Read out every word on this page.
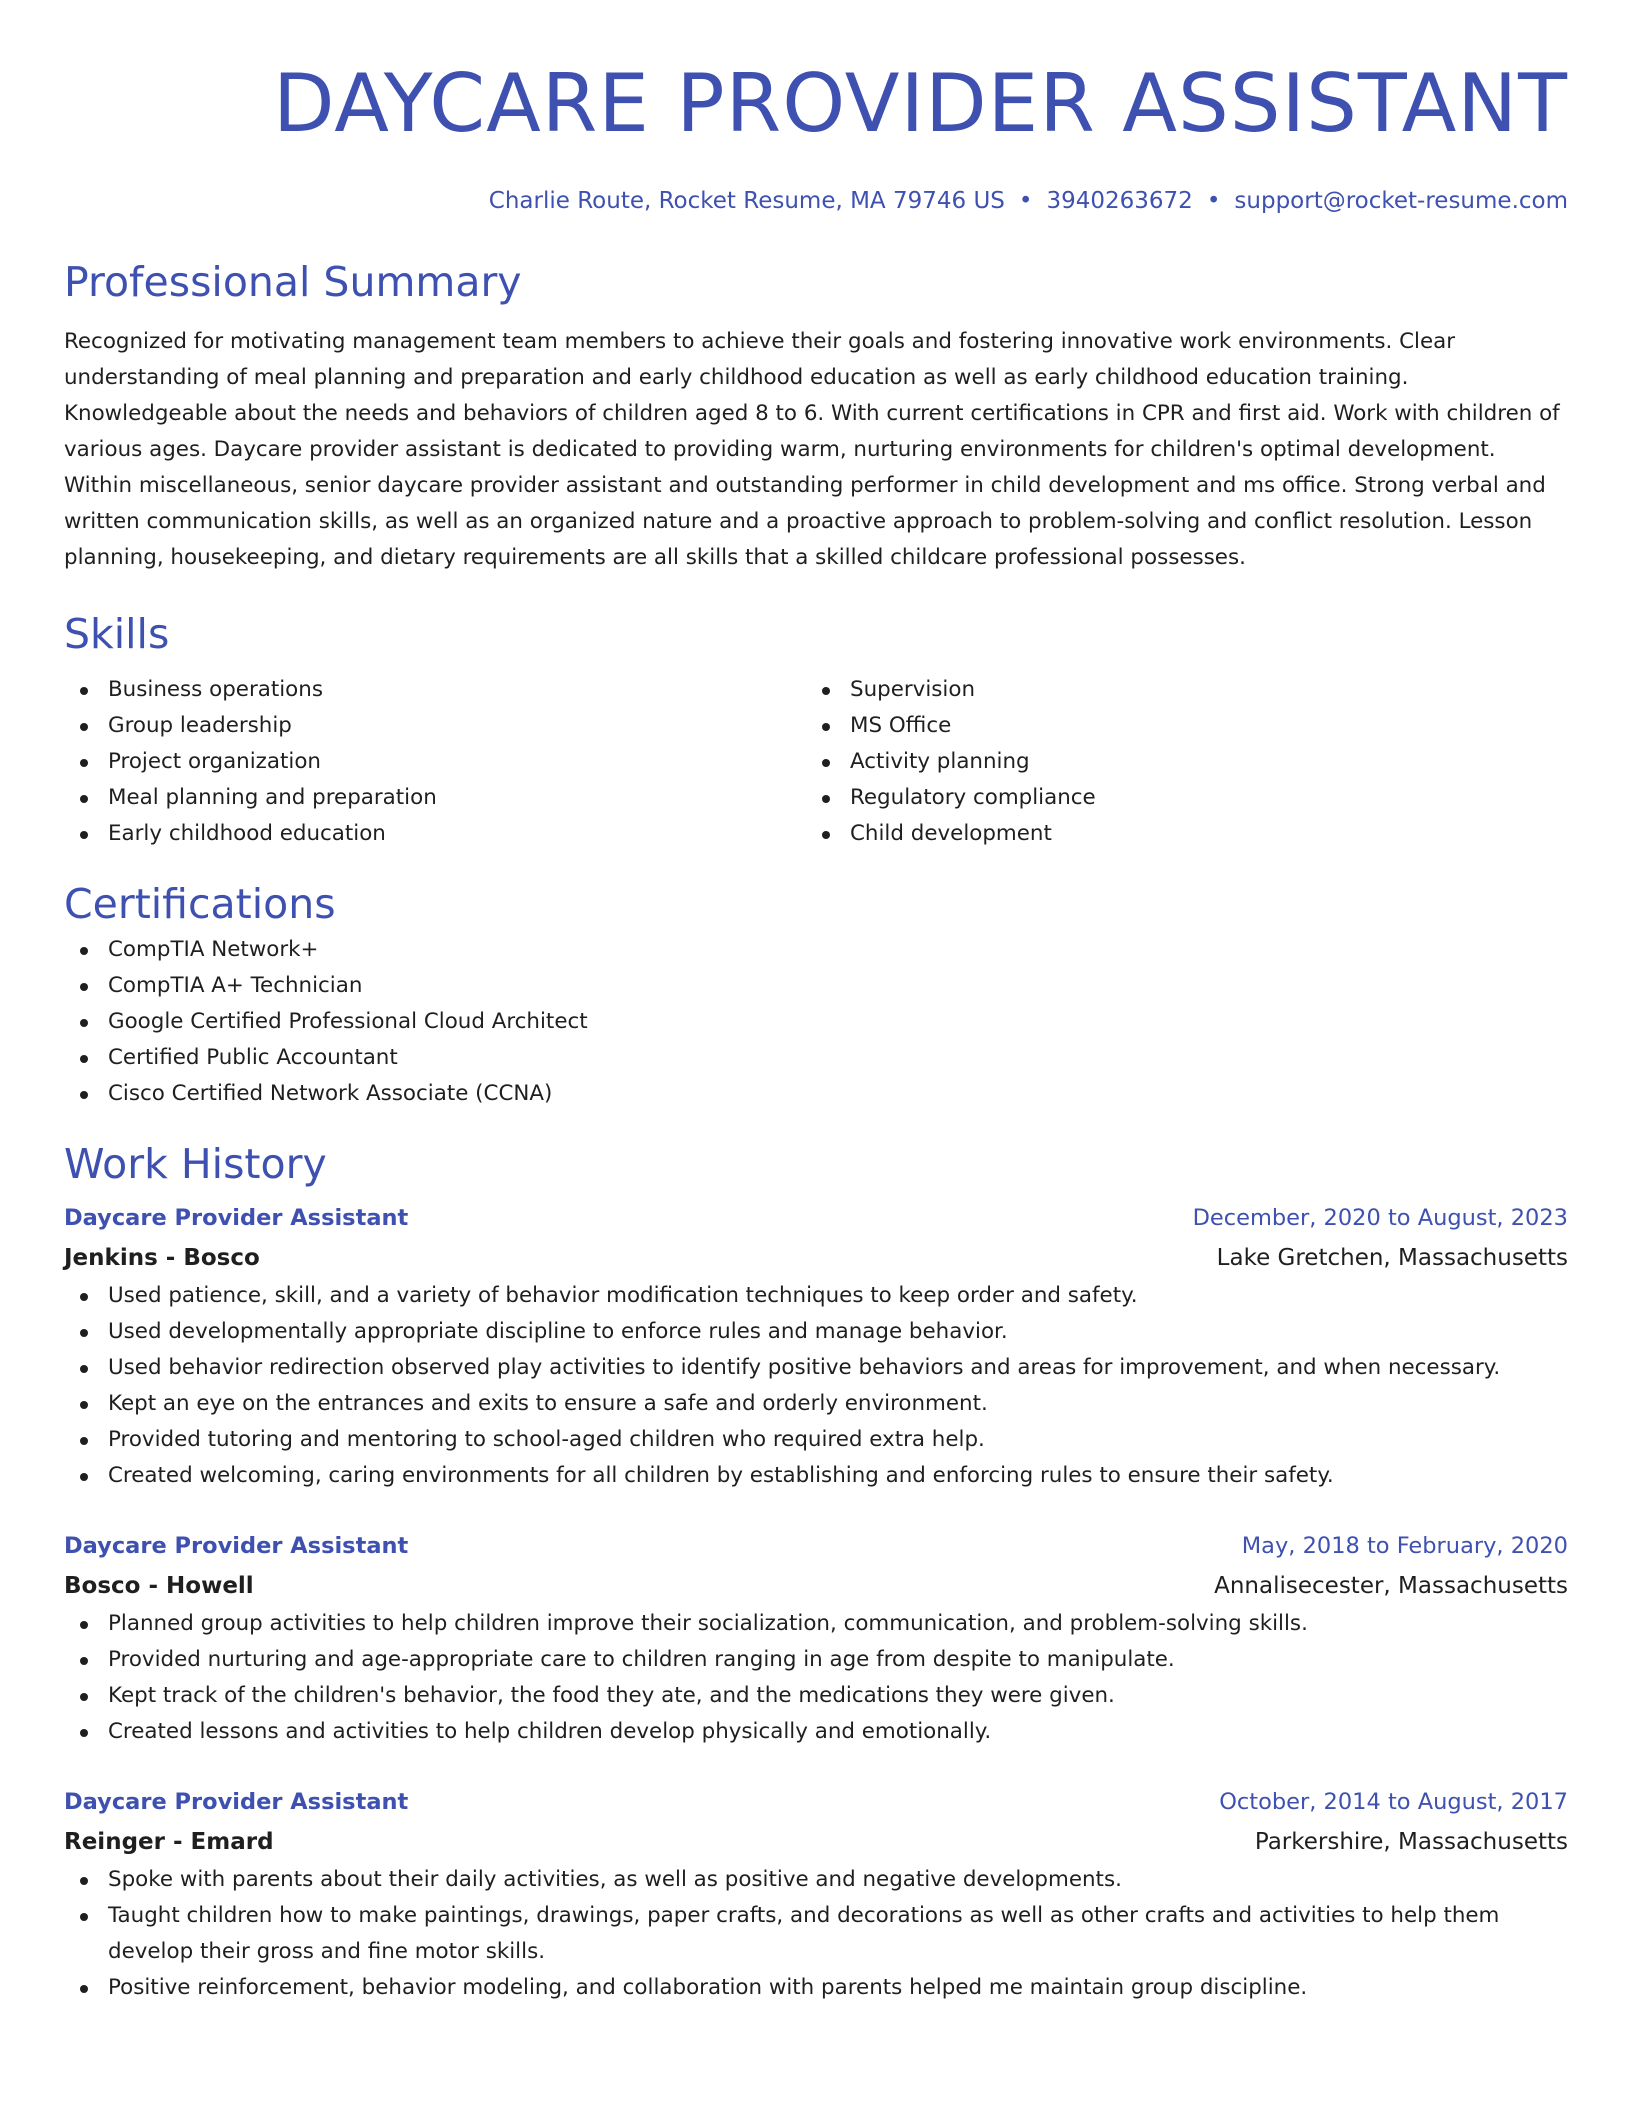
DAYCARE PROVIDER ASSISTANT
Charlie Route, Rocket Resume, MA 79746 US • 3940263672 • support@rocket-resume.com
Professional Summary

Recognized for motivating management team members to achieve their goals and fostering innovative work environments. Clear understanding of meal planning and preparation and early childhood education as well as early childhood education training. Knowledgeable about the needs and behaviors of children aged 8 to 6. With current certifications in CPR and first aid. Work with children of various ages. Daycare provider assistant is dedicated to providing warm, nurturing environments for children's optimal development. Within miscellaneous, senior daycare provider assistant and outstanding performer in child development and ms office. Strong verbal and written communication skills, as well as an organized nature and a proactive approach to problem-solving and conflict resolution. Lesson planning, housekeeping, and dietary requirements are all skills that a skilled childcare professional possesses.

Skills
Business operations
Group leadership
Project organization
Meal planning and preparation
Early childhood education
Supervision
MS Office
Activity planning
Regulatory compliance
Child development
Certifications
CompTIA Network+
CompTIA A+ Technician
Google Certified Professional Cloud Architect
Certified Public Accountant
Cisco Certified Network Associate (CCNA)
Work History
Daycare Provider Assistant	December, 2020 to August, 2023
Jenkins - Bosco	Lake Gretchen, Massachusetts
Used patience, skill, and a variety of behavior modification techniques to keep order and safety.
Used developmentally appropriate discipline to enforce rules and manage behavior.
Used behavior redirection observed play activities to identify positive behaviors and areas for improvement, and when necessary.
Kept an eye on the entrances and exits to ensure a safe and orderly environment.
Provided tutoring and mentoring to school-aged children who required extra help.
Created welcoming, caring environments for all children by establishing and enforcing rules to ensure their safety.
Daycare Provider Assistant	May, 2018 to February, 2020
Bosco - Howell	Annalisecester, Massachusetts
Planned group activities to help children improve their socialization, communication, and problem-solving skills.
Provided nurturing and age-appropriate care to children ranging in age from despite to manipulate.
Kept track of the children's behavior, the food they ate, and the medications they were given.
Created lessons and activities to help children develop physically and emotionally.
Daycare Provider Assistant	October, 2014 to August, 2017
Reinger - Emard	Parkershire, Massachusetts
Spoke with parents about their daily activities, as well as positive and negative developments.
Taught children how to make paintings, drawings, paper crafts, and decorations as well as other crafts and activities to help them develop their gross and fine motor skills.
Positive reinforcement, behavior modeling, and collaboration with parents helped me maintain group discipline.
